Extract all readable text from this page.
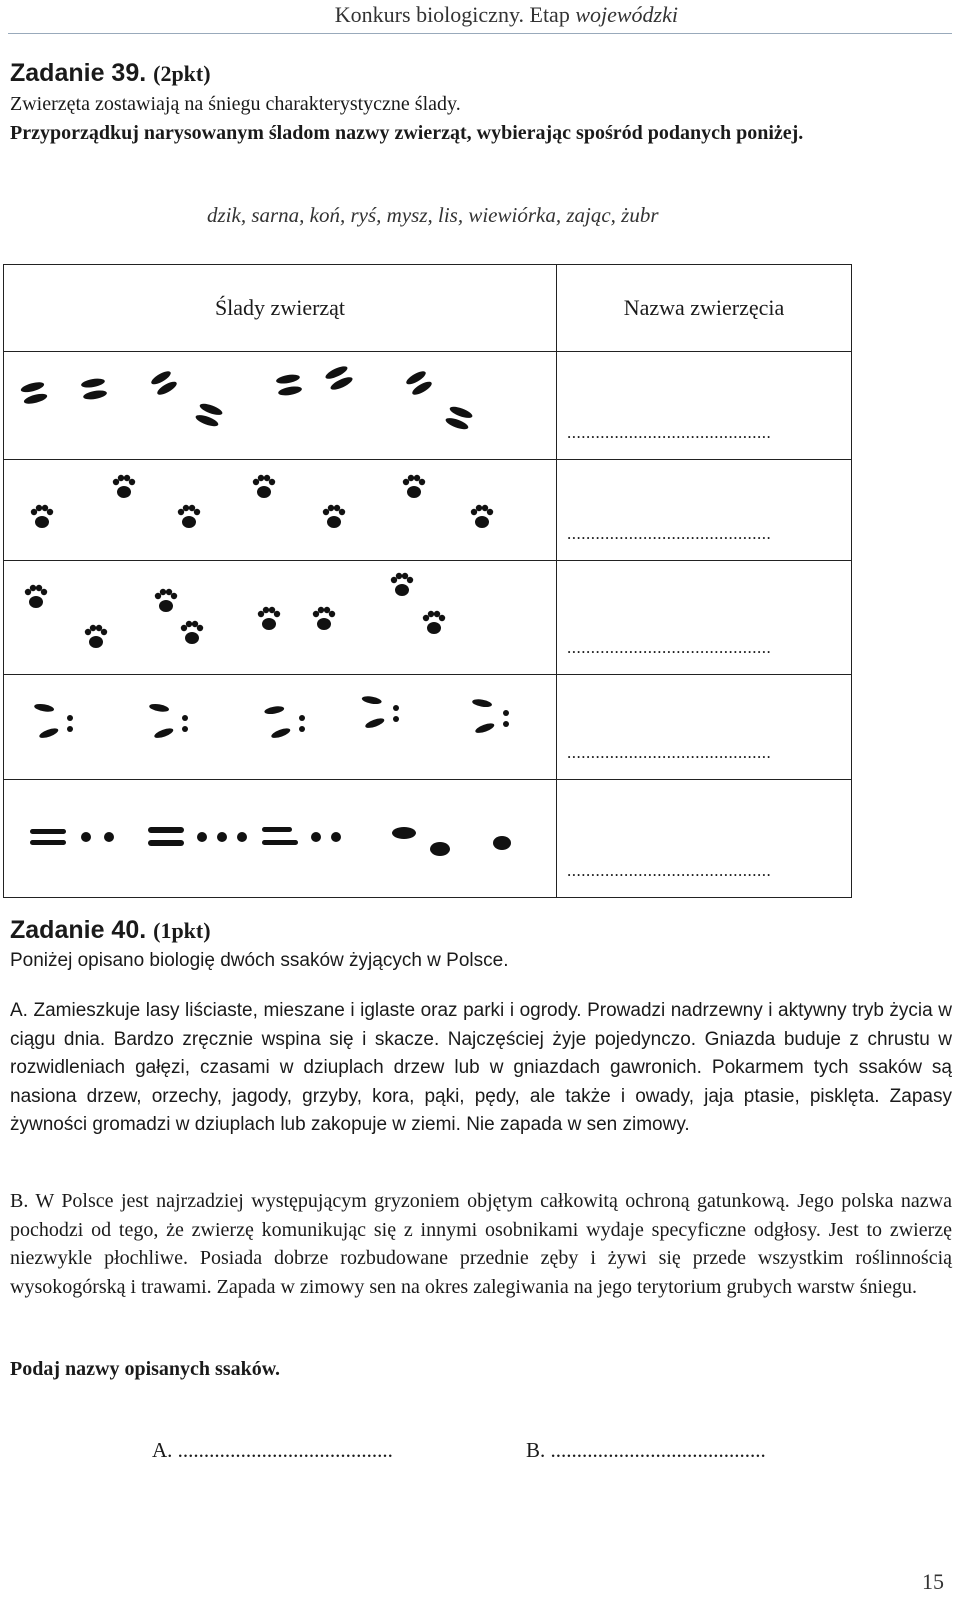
Konkurs biologiczny. Etap wojewódzki
Zadanie 39. (2pkt)
Zwierzęta zostawiają na śniegu charakterystyczne ślady.
Przyporządkuj narysowanym śladom nazwy zwierząt, wybierając spośród podanych poniżej.
dzik, sarna, koń, ryś, mysz, lis, wiewiórka, zając, żubr
Ślady zwierząt	Nazwa zwierzęcia

...........................................

...........................................

...........................................

...........................................

...........................................
Zadanie 40. (1pkt)
Poniżej opisano biologię dwóch ssaków żyjących w Polsce.
A. Zamieszkuje lasy liściaste, mieszane i iglaste oraz parki i ogrody. Prowadzi nadrzewny i aktywny tryb życia w ciągu dnia. Bardzo zręcznie wspina się i skacze. Najczęściej żyje pojedynczo. Gniazda buduje z chrustu w rozwidleniach gałęzi, czasami w dziuplach drzew lub w gniazdach gawronich. Pokarmem tych ssaków są nasiona drzew, orzechy, jagody, grzyby, kora, pąki, pędy, ale także i owady, jaja ptasie, pisklęta. Zapasy żywności gromadzi w dziuplach lub zakopuje w ziemi. Nie zapada w sen zimowy.
B. W Polsce jest najrzadziej występującym gryzoniem objętym całkowitą ochroną gatunkową. Jego polska nazwa pochodzi od tego, że zwierzę komunikując się z innymi osobnikami wydaje specyficzne odgłosy. Jest to zwierzę niezwykle płochliwe. Posiada dobrze rozbudowane przednie zęby i żywi się przede wszystkim roślinnością wysokogórską i trawami. Zapada w zimowy sen na okres zalegiwania na jego terytorium grubych warstw śniegu.
Podaj nazwy opisanych ssaków.
A. .........................................	B. .........................................
15
